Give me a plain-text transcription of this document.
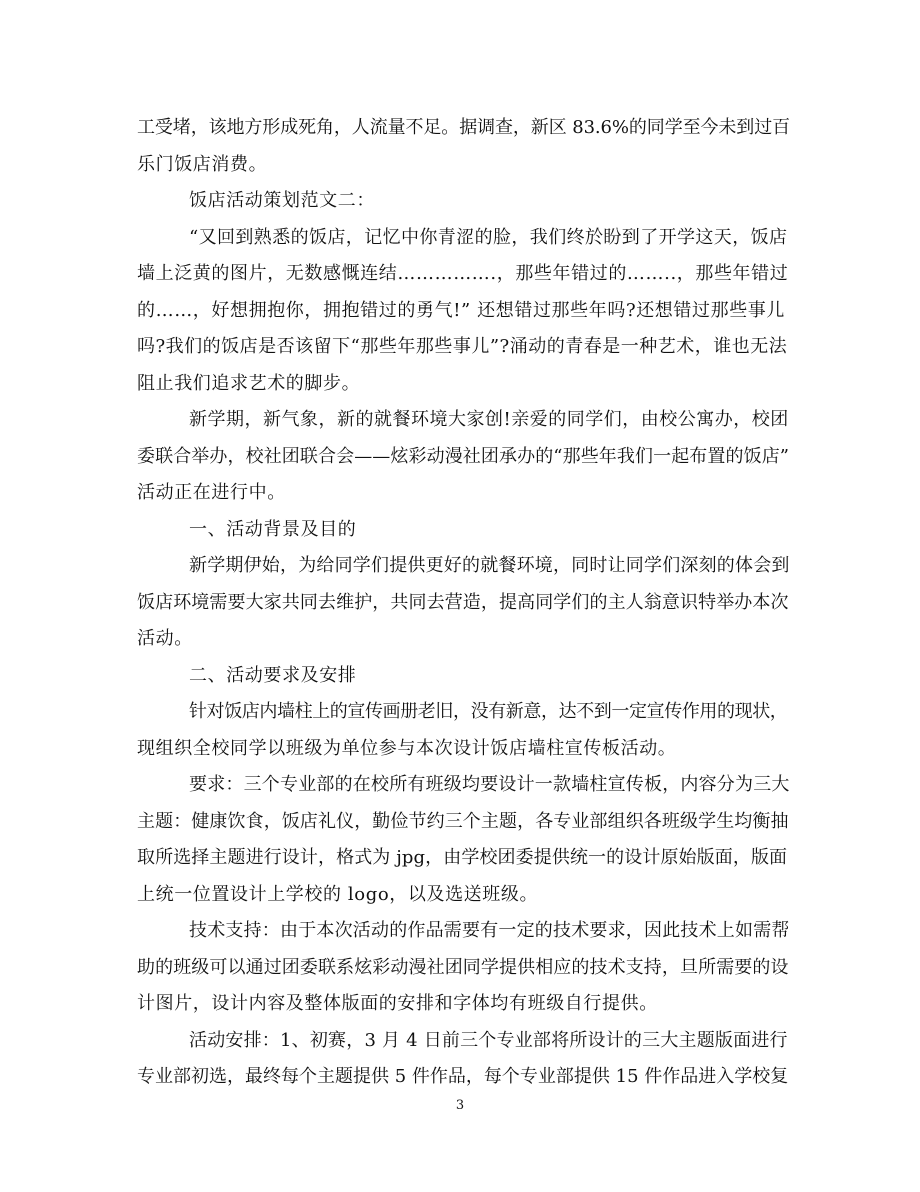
工受堵，该地方形成死角，人流量不足。据调查，新区 83.6%的同学至今未到过百
乐门饭店消费。
饭店活动策划范文二：
“又回到熟悉的饭店，记忆中你青涩的脸，我们终於盼到了开学这天，饭店
墙上泛黄的图片，无数感慨连结…………….，那些年错过的……..，那些年错过
的……，好想拥抱你，拥抱错过的勇气!” 还想错过那些年吗?还想错过那些事儿
吗?我们的饭店是否该留下“那些年那些事儿”?涌动的青春是一种艺术，谁也无法
阻止我们追求艺术的脚步。
新学期，新气象，新的就餐环境大家创!亲爱的同学们，由校公寓办，校团
委联合举办，校社团联合会——炫彩动漫社团承办的“那些年我们一起布置的饭店”
活动正在进行中。
一、活动背景及目的
新学期伊始，为给同学们提供更好的就餐环境，同时让同学们深刻的体会到
饭店环境需要大家共同去维护，共同去营造，提高同学们的主人翁意识特举办本次
活动。
二、活动要求及安排
针对饭店内墙柱上的宣传画册老旧，没有新意，达不到一定宣传作用的现状，
现组织全校同学以班级为单位参与本次设计饭店墙柱宣传板活动。
要求：三个专业部的在校所有班级均要设计一款墙柱宣传板，内容分为三大
主题：健康饮食，饭店礼仪，勤俭节约三个主题，各专业部组织各班级学生均衡抽
取所选择主题进行设计，格式为 jpg，由学校团委提供统一的设计原始版面，版面
上统一位置设计上学校的 logo，以及选送班级。
技术支持：由于本次活动的作品需要有一定的技术要求，因此技术上如需帮
助的班级可以通过团委联系炫彩动漫社团同学提供相应的技术支持，旦所需要的设
计图片，设计内容及整体版面的安排和字体均有班级自行提供。
活动安排：1、初赛，3 月 4 日前三个专业部将所设计的三大主题版面进行
专业部初选，最终每个主题提供 5 件作品，每个专业部提供 15 件作品进入学校复
3
